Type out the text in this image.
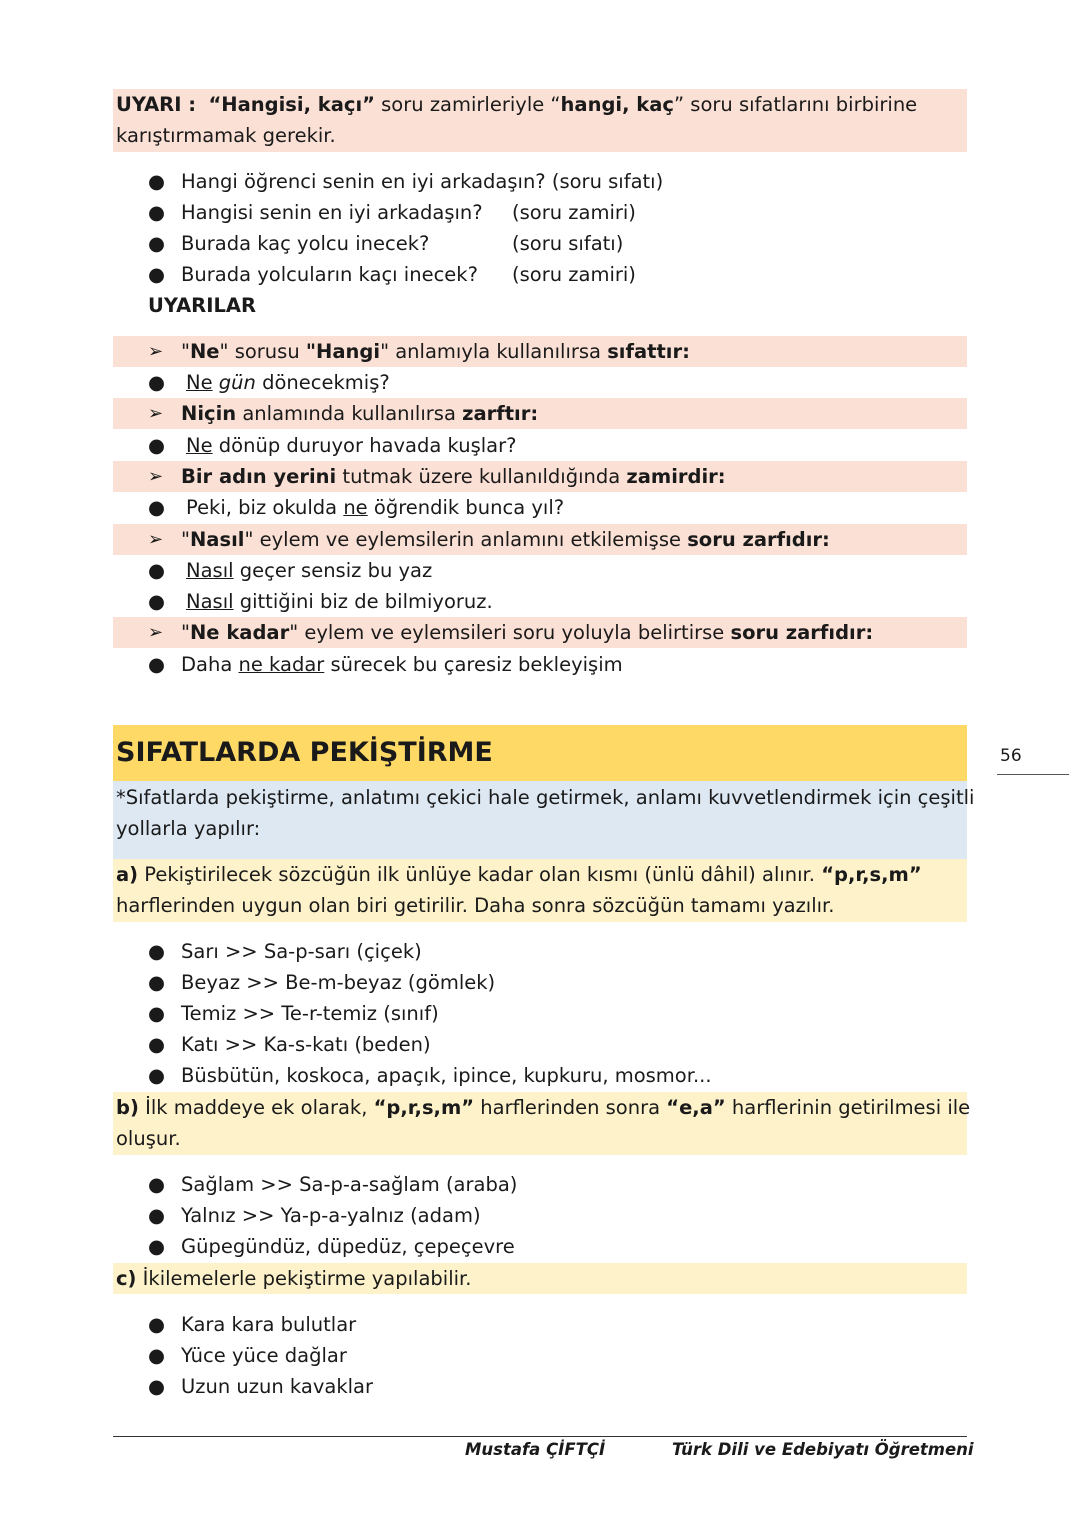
UYARI : “Hangisi, kaçı” soru zamirleriyle “hangi, kaç” soru sıfatlarını birbirine
karıştırmamak gerekir.
● Hangi öğrenci senin en iyi arkadaşın? (soru sıfatı)
● Hangisi senin en iyi arkadaşın? (soru zamiri)
● Burada kaç yolcu inecek?	(soru sıfatı)
● Burada yolcuların kaçı inecek? (soru zamiri)
UYARILAR
➢ "Ne" sorusu "Hangi" anlamıyla kullanılırsa sıfattır:
● Ne gün dönecekmiş?
➢ Niçin anlamında kullanılırsa zarftır:
● Ne dönüp duruyor havada kuşlar?
➢ Bir adın yerini tutmak üzere kullanıldığında zamirdir:
● Peki, biz okulda ne öğrendik bunca yıl?
➢ "Nasıl" eylem ve eylemsilerin anlamını etkilemişse soru zarfıdır:
● Nasıl geçer sensiz bu yaz
● Nasıl gittiğini biz de bilmiyoruz.
➢ "Ne kadar" eylem ve eylemsileri soru yoluyla belirtirse soru zarfıdır:
● Daha ne kadar sürecek bu çaresiz bekleyişim
SIFATLARDA PEKİŞTİRME	56
*Sıfatlarda pekiştirme, anlatımı çekici hale getirmek, anlamı kuvvetlendirmek için çeşitli
yollarla yapılır:
a) Pekiştirilecek sözcüğün ilk ünlüye kadar olan kısmı (ünlü dâhil) alınır. “p,r,s,m”
harflerinden uygun olan biri getirilir. Daha sonra sözcüğün tamamı yazılır.
● Sarı >> Sa-p-sarı (çiçek)
● Beyaz >> Be-m-beyaz (gömlek)
● Temiz >> Te-r-temiz (sınıf)
● Katı >> Ka-s-katı (beden)
● Büsbütün, koskoca, apaçık, ipince, kupkuru, mosmor...
b) İlk maddeye ek olarak, “p,r,s,m” harflerinden sonra “e,a” harflerinin getirilmesi ile
oluşur.
● Sağlam >> Sa-p-a-sağlam (araba)
● Yalnız >> Ya-p-a-yalnız (adam)
● Güpegündüz, düpedüz, çepeçevre
c) İkilemelerle pekiştirme yapılabilir.
● Kara kara bulutlar
● Yüce yüce dağlar
● Uzun uzun kavaklar
Mustafa ÇİFTÇİ	Türk Dili ve Edebiyatı Öğretmeni
